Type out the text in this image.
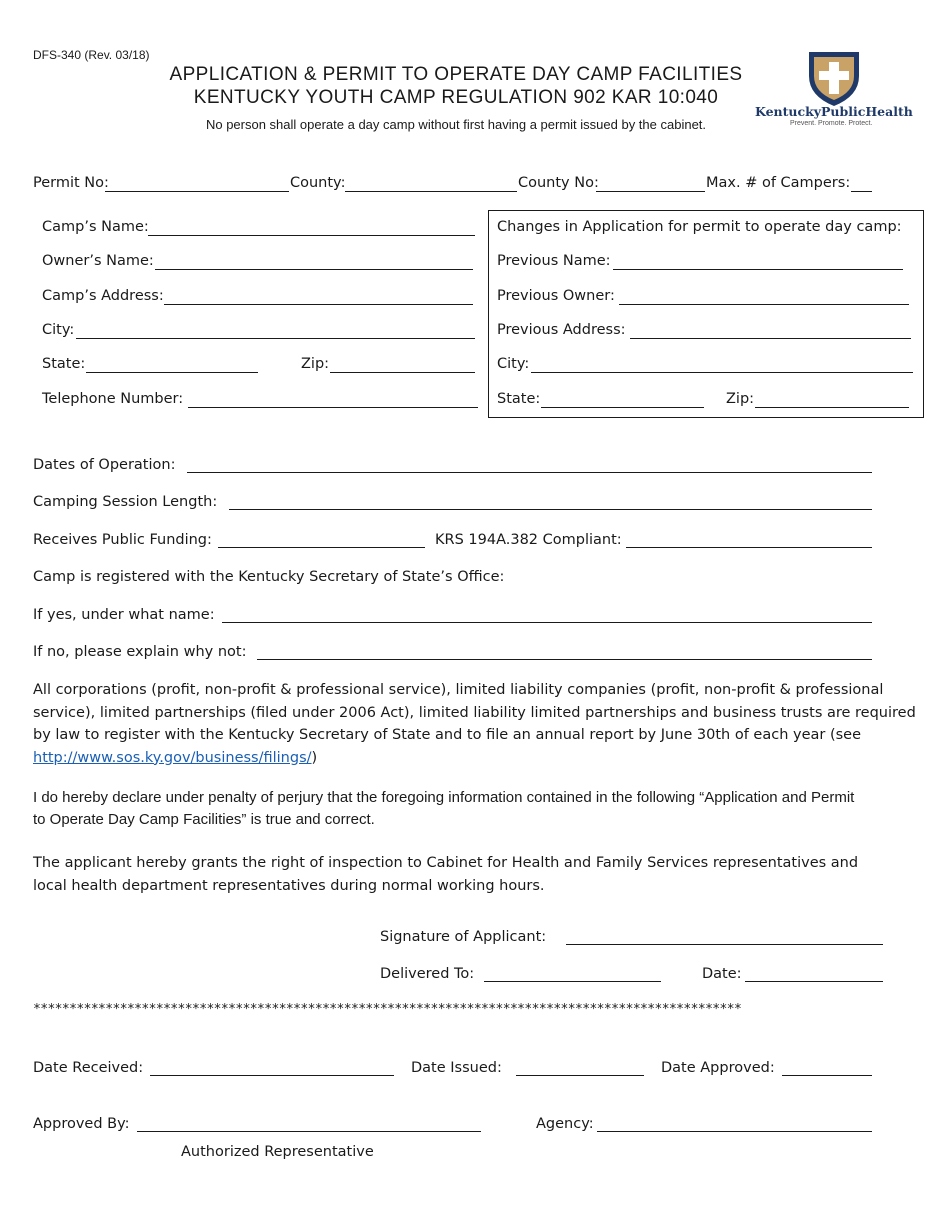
DFS-340 (Rev. 03/18)
APPLICATION & PERMIT TO OPERATE DAY CAMP FACILITIES
KENTUCKY YOUTH CAMP REGULATION 902 KAR 10:040
No person shall operate a day camp without first having a permit issued by the cabinet.
KentuckyPublicHealth
Prevent. Promote. Protect.
Permit No:	County:	County No:	Max. # of Campers:
Camp’s Name:
Owner’s Name:
Camp’s Address:
City:
State:	Zip:
Telephone Number:
Changes in Application for permit to operate day camp:
Previous Name:
Previous Owner:
Previous Address:
City:
State:	Zip:
Dates of Operation:
Camping Session Length:
Receives Public Funding:	KRS 194A.382 Compliant:
Camp is registered with the Kentucky Secretary of State’s Office:
If yes, under what name:
If no, please explain why not:
All corporations (profit, non-profit & professional service), limited liability companies (profit, non-profit & professional service), limited partnerships (filed under 2006 Act), limited liability limited partnerships and business trusts are required by law to register with the Kentucky Secretary of State and to file an annual report by June 30th of each year (see http://www.sos.ky.gov/business/filings/)
I do hereby declare under penalty of perjury that the foregoing information contained in the following “Application and Permit to Operate Day Camp Facilities” is true and correct.
The applicant hereby grants the right of inspection to Cabinet for Health and Family Services representatives and local health department representatives during normal working hours.
Signature of Applicant:
Delivered To:	Date:
**************************************************************************************************
Date Received:	Date Issued:	Date Approved:
Approved By:	Agency:
Authorized Representative
